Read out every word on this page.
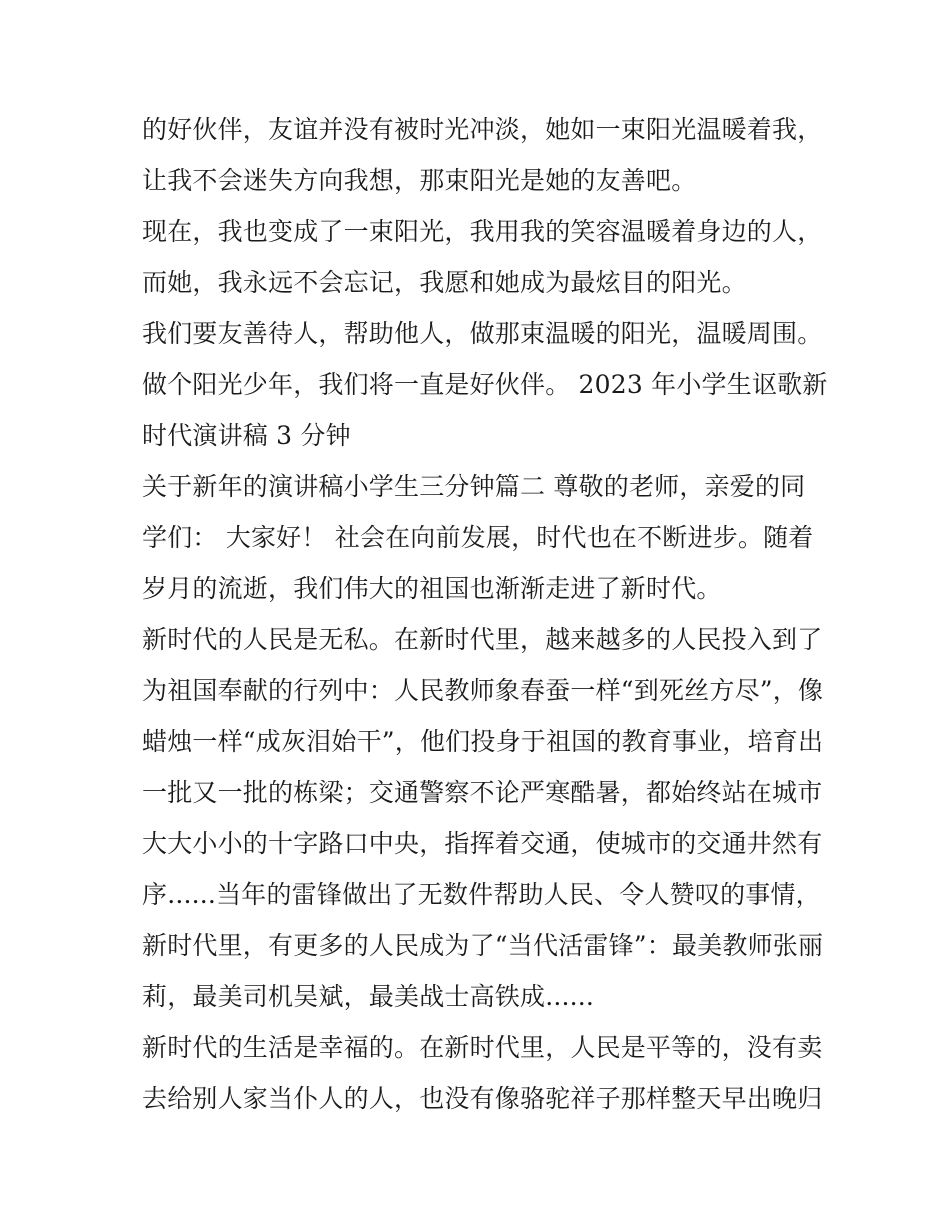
的好伙伴，友谊并没有被时光冲淡，她如一束阳光温暖着我，
让我不会迷失方向我想，那束阳光是她的友善吧。
现在，我也变成了一束阳光，我用我的笑容温暖着身边的人，
而她，我永远不会忘记，我愿和她成为最炫目的阳光。
我们要友善待人，帮助他人，做那束温暖的阳光，温暖周围。
做个阳光少年，我们将一直是好伙伴。 2023 年小学生讴歌新
时代演讲稿 3 分钟
关于新年的演讲稿小学生三分钟篇二 尊敬的老师，亲爱的同
学们： 大家好！ 社会在向前发展，时代也在不断进步。随着
岁月的流逝，我们伟大的祖国也渐渐走进了新时代。
新时代的人民是无私。在新时代里，越来越多的人民投入到了
为祖国奉献的行列中：人民教师象春蚕一样“到死丝方尽”，像
蜡烛一样“成灰泪始干”，他们投身于祖国的教育事业，培育出
一批又一批的栋梁；交通警察不论严寒酷暑，都始终站在城市
大大小小的十字路口中央，指挥着交通，使城市的交通井然有
序......当年的雷锋做出了无数件帮助人民、令人赞叹的事情，
新时代里，有更多的人民成为了“当代活雷锋”：最美教师张丽
莉，最美司机吴斌，最美战士高铁成......
新时代的生活是幸福的。在新时代里，人民是平等的，没有卖
去给别人家当仆人的人，也没有像骆驼祥子那样整天早出晚归
